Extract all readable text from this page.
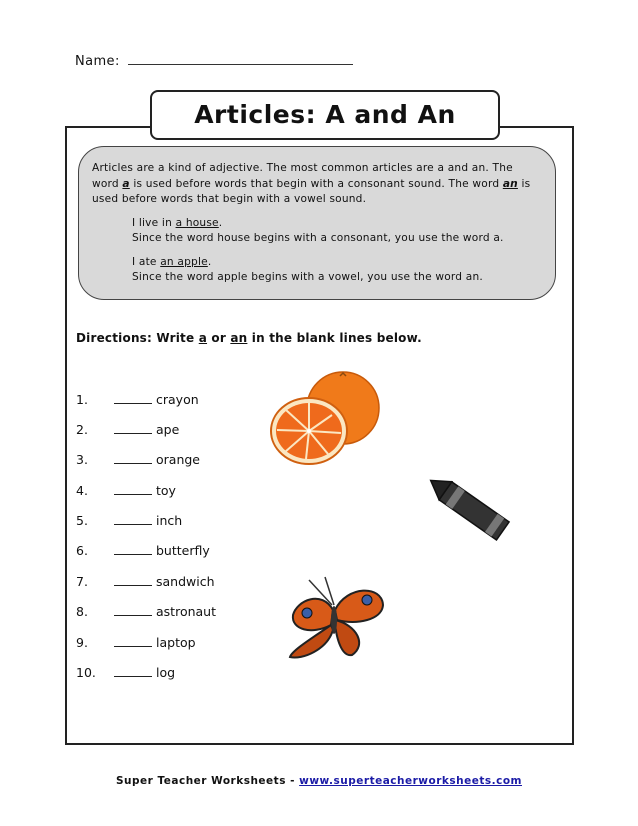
Name:
Articles: A and An
Articles are a kind of adjective. The most common articles are a and an. The word a is used before words that begin with a consonant sound. The word an is used before words that begin with a vowel sound.
I live in a house.
Since the word house begins with a consonant, you use the word a.
I ate an apple.
Since the word apple begins with a vowel, you use the word an.
Directions: Write a or an in the blank lines below.
1.	crayon
2.	ape
3.	orange
4.	toy
5.	inch
6.	butterfly
7.	sandwich
8.	astronaut
9.	laptop
10.	log
Super Teacher Worksheets - www.superteacherworksheets.com
